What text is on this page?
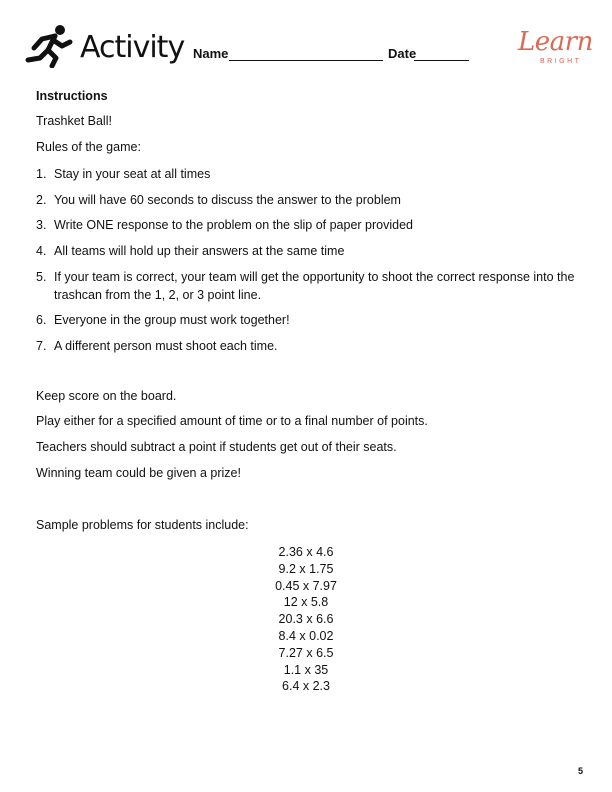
Activity Name	Date	Learn
BRIGHT
Instructions
Trashket Ball!
Rules of the game:
1. Stay in your seat at all times
2. You will have 60 seconds to discuss the answer to the problem
3. Write ONE response to the problem on the slip of paper provided
4. All teams will hold up their answers at the same time
5. If your team is correct, your team will get the opportunity to shoot the correct response into the trashcan from the 1, 2, or 3 point line.
6. Everyone in the group must work together!
7. A different person must shoot each time.
Keep score on the board.
Play either for a specified amount of time or to a final number of points.
Teachers should subtract a point if students get out of their seats.
Winning team could be given a prize!
Sample problems for students include:
2.36 x 4.6
9.2 x 1.75
0.45 x 7.97
12 x 5.8
20.3 x 6.6
8.4 x 0.02
7.27 x 6.5
1.1 x 35
6.4 x 2.3
5
